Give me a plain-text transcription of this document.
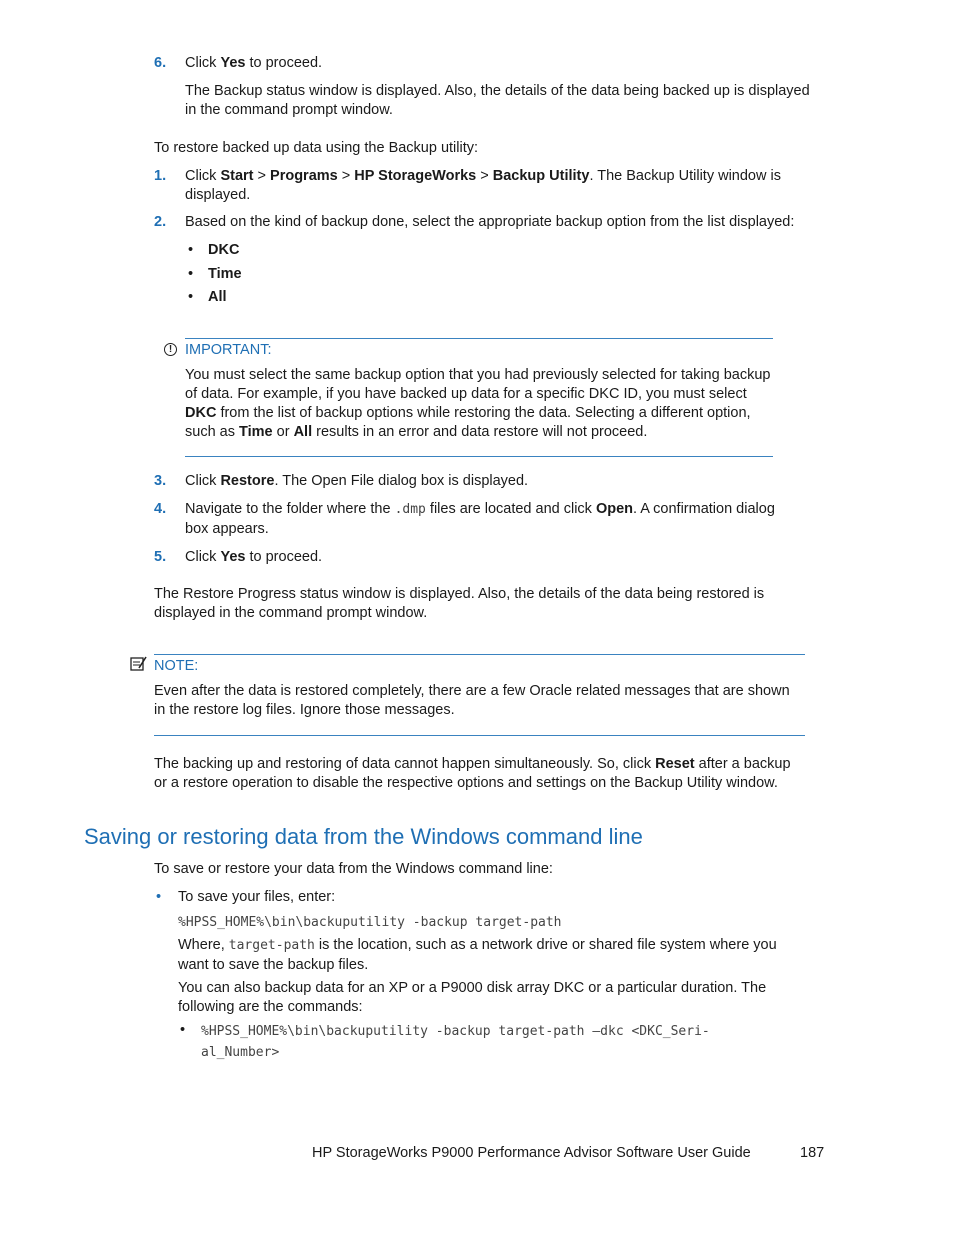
6.	Click Yes to proceed.
The Backup status window is displayed. Also, the details of the data being backed up is displayed
in the command prompt window.
To restore backed up data using the Backup utility:
1.	Click Start > Programs > HP StorageWorks > Backup Utility. The Backup Utility window is
displayed.
2.	Based on the kind of backup done, select the appropriate backup option from the list displayed:
• DKC
• Time
• All
! IMPORTANT:
You must select the same backup option that you had previously selected for taking backup
of data. For example, if you have backed up data for a specific DKC ID, you must select
DKC from the list of backup options while restoring the data. Selecting a different option,
such as Time or All results in an error and data restore will not proceed.
3.	Click Restore. The Open File dialog box is displayed.
4.	Navigate to the folder where the .dmp files are located and click Open. A confirmation dialog
box appears.
5.	Click Yes to proceed.
The Restore Progress status window is displayed. Also, the details of the data being restored is
displayed in the command prompt window.
NOTE:
Even after the data is restored completely, there are a few Oracle related messages that are shown
in the restore log files. Ignore those messages.
The backing up and restoring of data cannot happen simultaneously. So, click Reset after a backup
or a restore operation to disable the respective options and settings on the Backup Utility window.
Saving or restoring data from the Windows command line
To save or restore your data from the Windows command line:
• To save your files, enter:
%HPSS_HOME%\bin\backuputility -backup target-path
Where, target-path is the location, such as a network drive or shared file system where you
want to save the backup files.
You can also backup data for an XP or a P9000 disk array DKC or a particular duration. The
following are the commands:
• %HPSS_HOME%\bin\backuputility -backup target-path —dkc <DKC_Seri-
al_Number>
HP StorageWorks P9000 Performance Advisor Software User Guide	187
